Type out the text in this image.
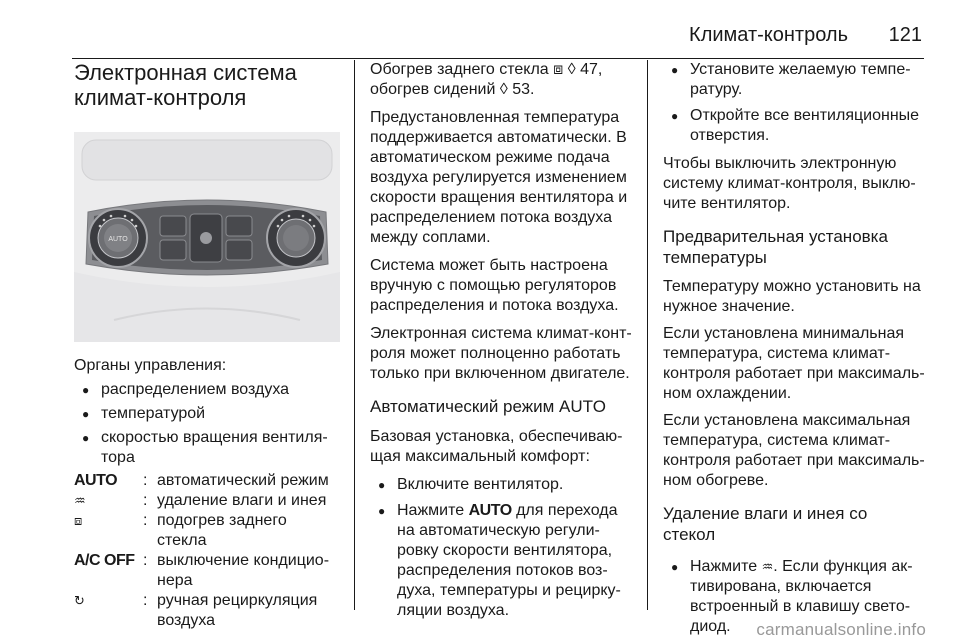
Климат-контроль 121
Электронная система
климат-контроля
AUTO

Органы управления:

● распределением воздуха
● температурой
● скоростью вращения вентиля-
тора
AUTO	: автоматический режим
♒	: удаление влаги и инея
⧈	: подогрев заднего
стекла
A/C OFF : выключение кондицио-
нера
↻	: ручная рециркуляция
воздуха

Обогрев заднего стекла ⧈ ◊ 47,
обогрев сидений ◊ 53.

Предустановленная температура
поддерживается автоматически. В
автоматическом режиме подача
воздуха регулируется изменением
скорости вращения вентилятора и
распределением потока воздуха
между соплами.

Система может быть настроена
вручную с помощью регуляторов
распределения и потока воздуха.

Электронная система климат-конт-
роля может полноценно работать
только при включенном двигателе.

Автоматический режим AUTO

Базовая установка, обеспечиваю-
щая максимальный комфорт:

● Включите вентилятор.
● Нажмите AUTO для перехода
на автоматическую регули-
ровку скорости вентилятора,
распределения потоков воз-
духа, температуры и рецирку-
ляции воздуха.
● Установите желаемую темпе-
ратуру.
● Откройте все вентиляционные
отверстия.

Чтобы выключить электронную
систему климат-контроля, выклю-
чите вентилятор.

Предварительная установка
температуры

Температуру можно установить на
нужное значение.

Если установлена минимальная
температура, система климат-
контроля работает при максималь-
ном охлаждении.

Если установлена максимальная
температура, система климат-
контроля работает при максималь-
ном обогреве.

Удаление влаги и инея со
стекол
● Нажмите ♒. Если функция ак-
тивирована, включается
встроенный в клавишу свето-
диод.	carmanualsonline.info
